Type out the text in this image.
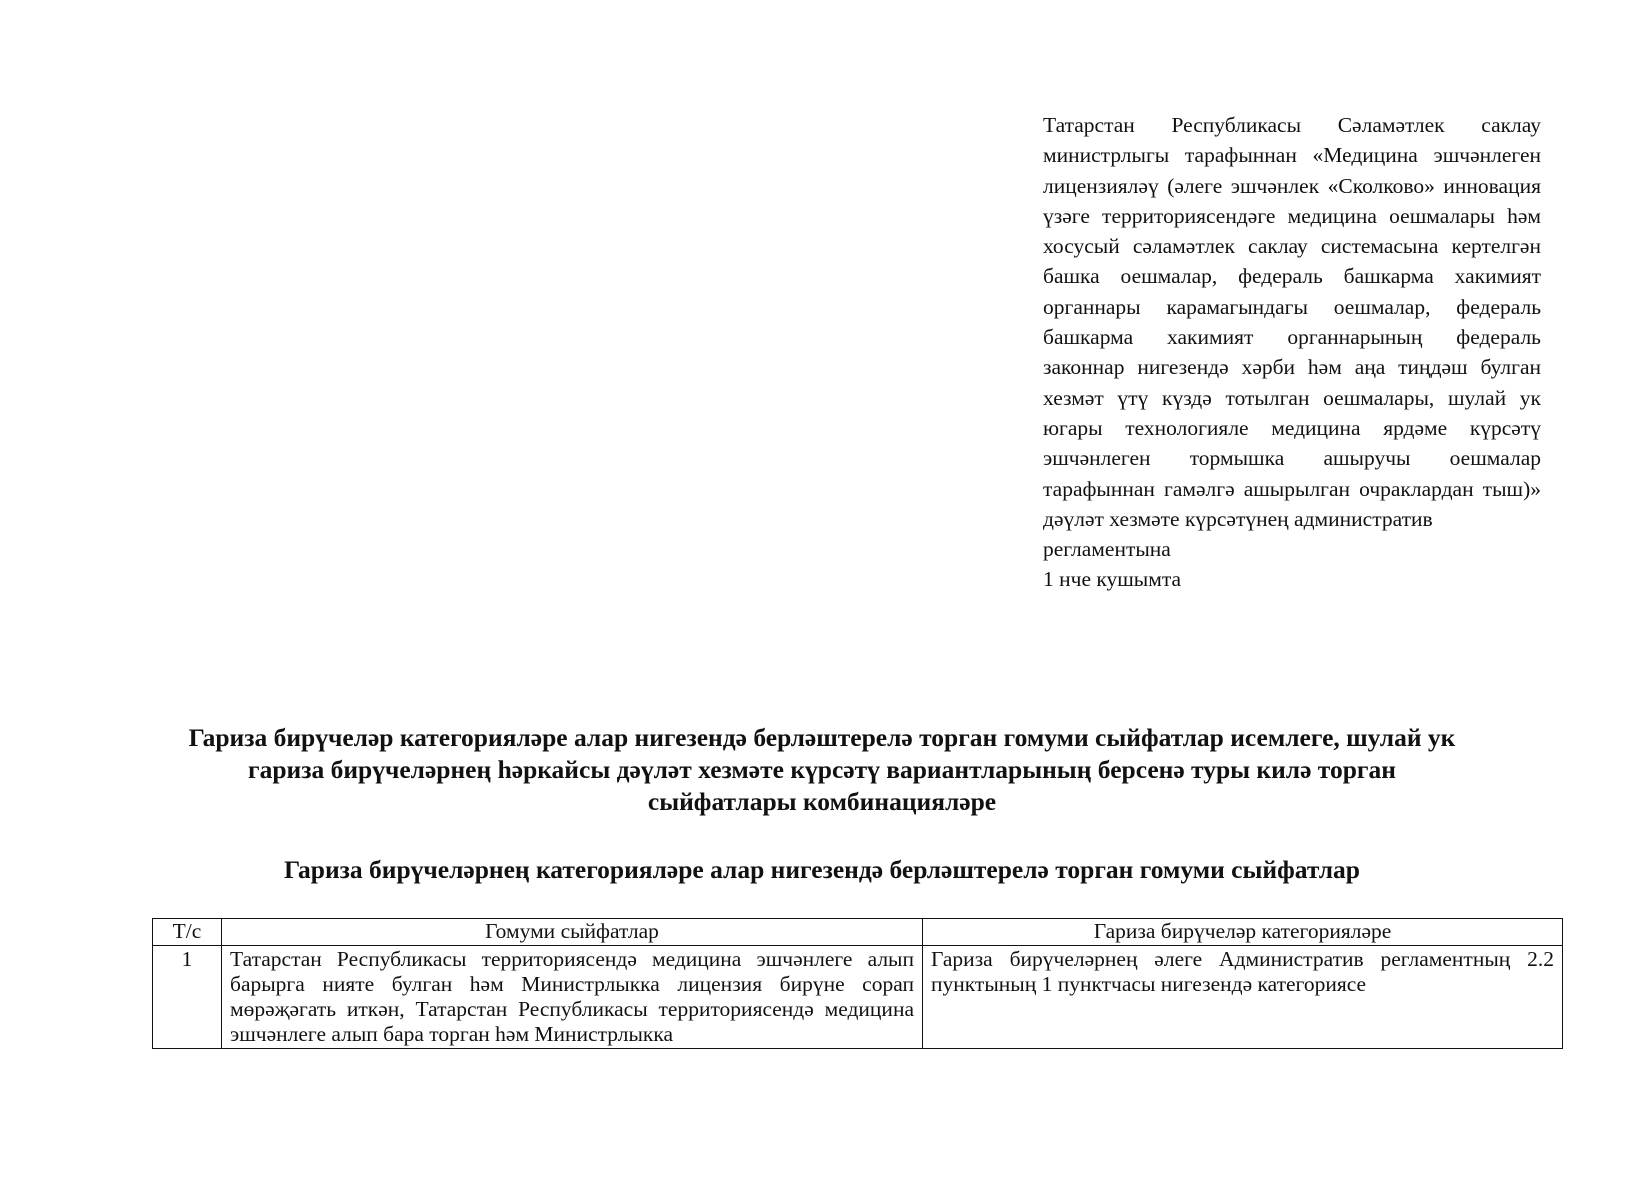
Татарстан Республикасы Сәламәтлек саклау министрлыгы тарафыннан «Медицина эшчәнлеген лицензияләү (әлеге эшчәнлек «Сколково» инновация үзәге территориясендәге медицина оешмалары һәм хосусый сәламәтлек саклау системасына кертелгән башка оешмалар, федераль башкарма хакимият органнары карамагындагы оешмалар, федераль башкарма хакимият органнарының федераль законнар нигезендә хәрби һәм аңа тиңдәш булган хезмәт үтү күздә тотылган оешмалары, шулай ук югары технологияле медицина ярдәме күрсәтү эшчәнлеген тормышка ашыручы оешмалар тарафыннан гамәлгә ашырылган очраклардан тыш)» дәүләт хезмәте күрсәтүнең административ
регламентына
1 нче кушымта
Гариза бирүчеләр категорияләре алар нигезендә берләштерелә торган гомуми сыйфатлар исемлеге, шулай ук
гариза бирүчеләрнең һәркайсы дәүләт хезмәте күрсәтү вариантларының берсенә туры килә торган
сыйфатлары комбинацияләре
Гариза бирүчеләрнең категорияләре алар нигезендә берләштерелә торган гомуми сыйфатлар
Т/с	Гомуми сыйфатлар	Гариза бирүчеләр категорияләре
1	Татарстан Республикасы территориясендә медицина эшчәнлеге алып барырга нияте булган һәм Министрлыкка лицензия бирүне сорап мөрәҗәгать иткән, Татарстан Республикасы территориясендә медицина эшчәнлеге алып бара торган һәм Министрлыкка	Гариза бирүчеләрнең әлеге Административ регламентның 2.2 пунктының 1 пунктчасы нигезендә категориясе
